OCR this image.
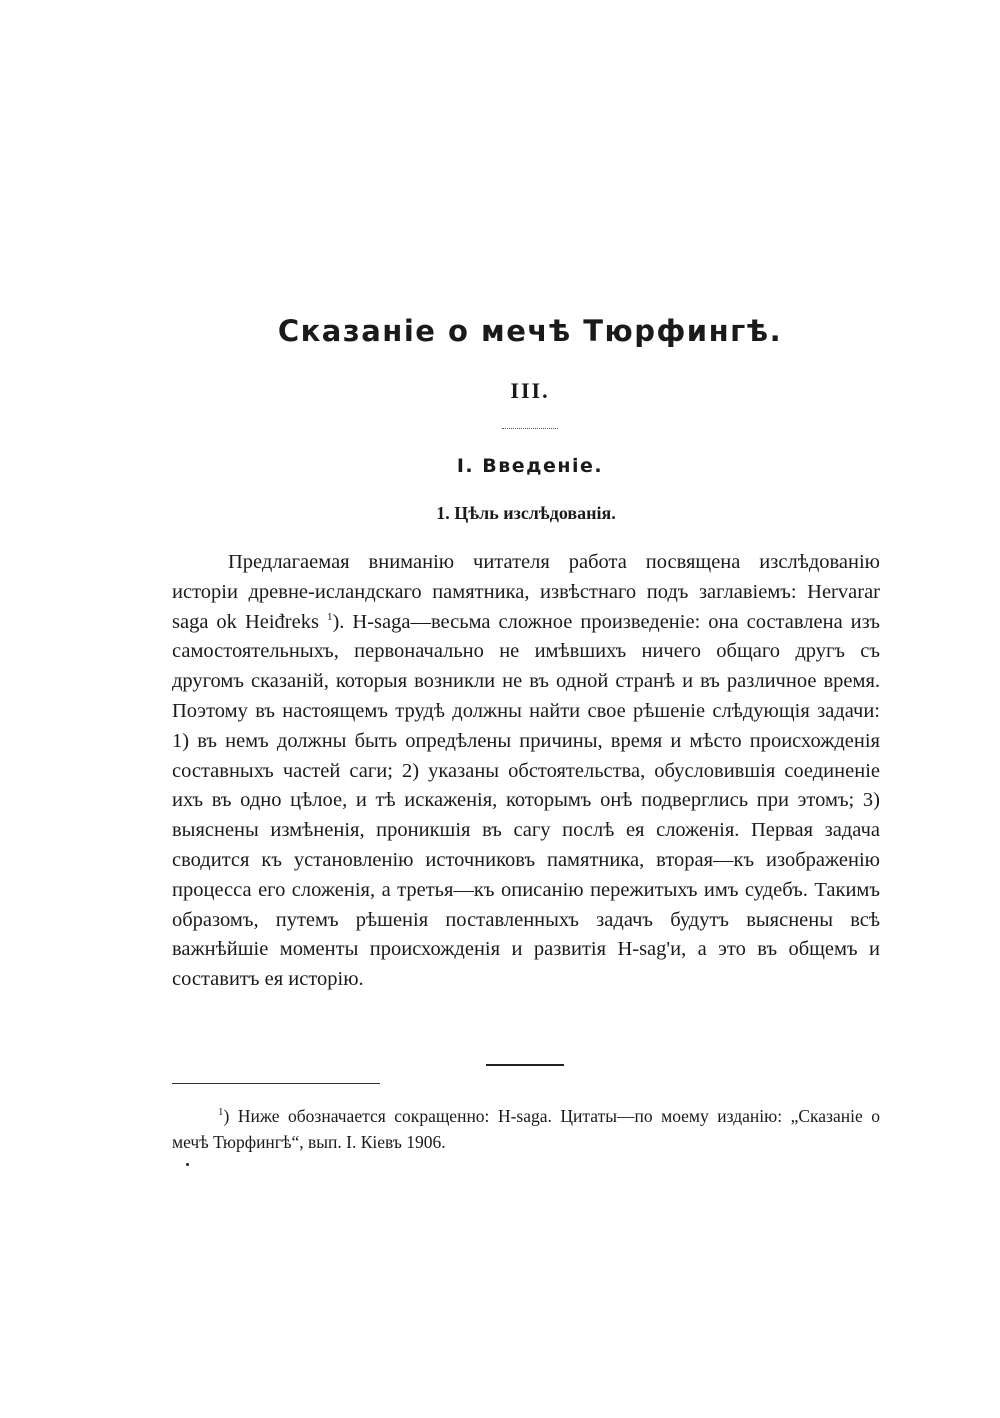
Сказаніе о мечѣ Тюрфингѣ.
III.
I. Введеніе.
1. Цѣль изслѣдованія.

Предлагаемая вниманію читателя работа посвящена изслѣдованію исторіи древне-исландскаго памятника, извѣстнаго подъ заглавіемъ: Hervarar saga ok Heiđreks $^1$). H-saga—весьма сложное произведеніе: она составлена изъ самостоятельныхъ, первоначально не имѣвшихъ ничего общаго другъ съ другомъ сказаній, которыя возникли не въ одной странѣ и въ различное время. Поэтому въ настоящемъ трудѣ должны найти свое рѣшеніе слѣдующія задачи: 1) въ немъ должны быть опредѣлены причины, время и мѣсто происхожденія составныхъ частей саги; 2) указаны обстоятельства, обусловившія соединеніе ихъ въ одно цѣлое, и тѣ искаженія, которымъ онѣ подверглись при этомъ; 3) выяснены измѣненія, проникшія въ сагу послѣ ея сложенія. Первая задача сводится къ установленію источниковъ памятника, вторая—къ изображенію процесса его сложенія, а третья—къ описанію пережитыхъ имъ судебъ. Такимъ образомъ, путемъ рѣшенія поставленныхъ задачъ будутъ выяснены всѣ важнѣйшіе моменты происхожденія и развитія H-sag'и, а это въ общемъ и составитъ ея исторію.

$^1$) Ниже обозначается сокращенно: H-saga. Цитаты—по моему изданію: „Сказаніе о мечѣ Тюрфингѣ“, вып. I. Кіевъ 1906.
